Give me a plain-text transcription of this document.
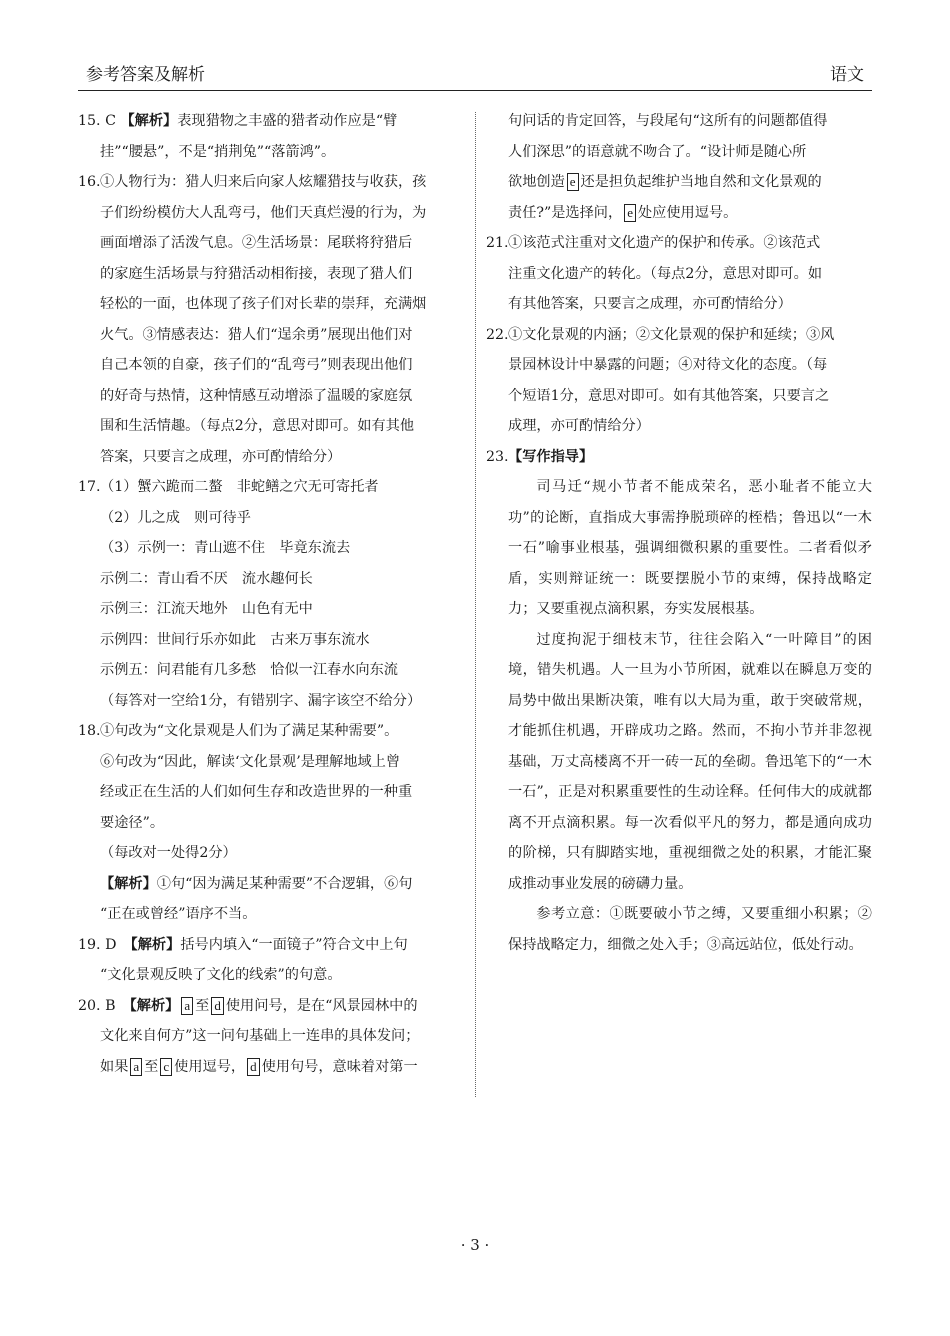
参考答案及解析	语文
15. C 【解析】表现猎物之丰盛的猎者动作应是“臂
挂”“腰悬”，不是“捎荆兔”“落箭鸿”。
16. ①人物行为：猎人归来后向家人炫耀猎技与收获，孩
子们纷纷模仿大人乱弯弓，他们天真烂漫的行为，为
画面增添了活泼气息。②生活场景：尾联将狩猎后
的家庭生活场景与狩猎活动相衔接，表现了猎人们
轻松的一面，也体现了孩子们对长辈的崇拜，充满烟
火气。③情感表达：猎人们“逞余勇”展现出他们对
自己本领的自豪，孩子们的“乱弯弓”则表现出他们
的好奇与热情，这种情感互动增添了温暖的家庭氛
围和生活情趣。（每点2分，意思对即可。如有其他
答案，只要言之成理，亦可酌情给分）
17. （1）蟹六跪而二螯　非蛇鳝之穴无可寄托者
（2）儿之成　则可待乎
（3）示例一：青山遮不住　毕竟东流去
示例二：青山看不厌　流水趣何长
示例三：江流天地外　山色有无中
示例四：世间行乐亦如此　古来万事东流水
示例五：问君能有几多愁　恰似一江春水向东流
（每答对一空给1分，有错别字、漏字该空不给分）
18. ①句改为“文化景观是人们为了满足某种需要”。
⑥句改为“因此，解读‘文化景观’是理解地域上曾
经或正在生活的人们如何生存和改造世界的一种重
要途径”。
（每改对一处得2分）
【解析】①句“因为满足某种需要”不合逻辑，⑥句
“正在或曾经”语序不当。
19. D　 【解析】括号内填入“一面镜子”符合文中上句
“文化景观反映了文化的线索”的句意。
20. B　 【解析】 a 至 d 使用问号，是在“风景园林中的
文化来自何方”这一问句基础上一连串的具体发问；
如果 a 至 c 使用逗号， d 使用句号，意味着对第一
句问话的肯定回答，与段尾句“这所有的问题都值得
人们深思”的语意就不吻合了。“设计师是随心所
欲地创造 e 还是担负起维护当地自然和文化景观的
责任?”是选择问， e 处应使用逗号。
21. ①该范式注重对文化遗产的保护和传承。②该范式
注重文化遗产的转化。（每点2分，意思对即可。如
有其他答案，只要言之成理，亦可酌情给分）
22. ①文化景观的内涵；②文化景观的保护和延续；③风
景园林设计中暴露的问题；④对待文化的态度。（每
个短语1分，意思对即可。如有其他答案，只要言之
成理，亦可酌情给分）
23. 【写作指导】
司马迁“规小节者不能成荣名，恶小耻者不能立大功”的论断，直指成大事需挣脱琐碎的桎梏；鲁迅以“一木一石”喻事业根基，强调细微积累的重要性。二者看似矛盾，实则辩证统一：既要摆脱小节的束缚，保持战略定力；又要重视点滴积累，夯实发展根基。
过度拘泥于细枝末节，往往会陷入“一叶障目”的困境，错失机遇。人一旦为小节所困，就难以在瞬息万变的局势中做出果断决策，唯有以大局为重，敢于突破常规，才能抓住机遇，开辟成功之路。然而，不拘小节并非忽视基础，万丈高楼离不开一砖一瓦的垒砌。鲁迅笔下的“一木一石”，正是对积累重要性的生动诠释。任何伟大的成就都离不开点滴积累。每一次看似平凡的努力，都是通向成功的阶梯，只有脚踏实地，重视细微之处的积累，才能汇聚成推动事业发展的磅礴力量。
参考立意：①既要破小节之缚，又要重细小积累；②保持战略定力，细微之处入手；③高远站位，低处行动。
· 3 ·
